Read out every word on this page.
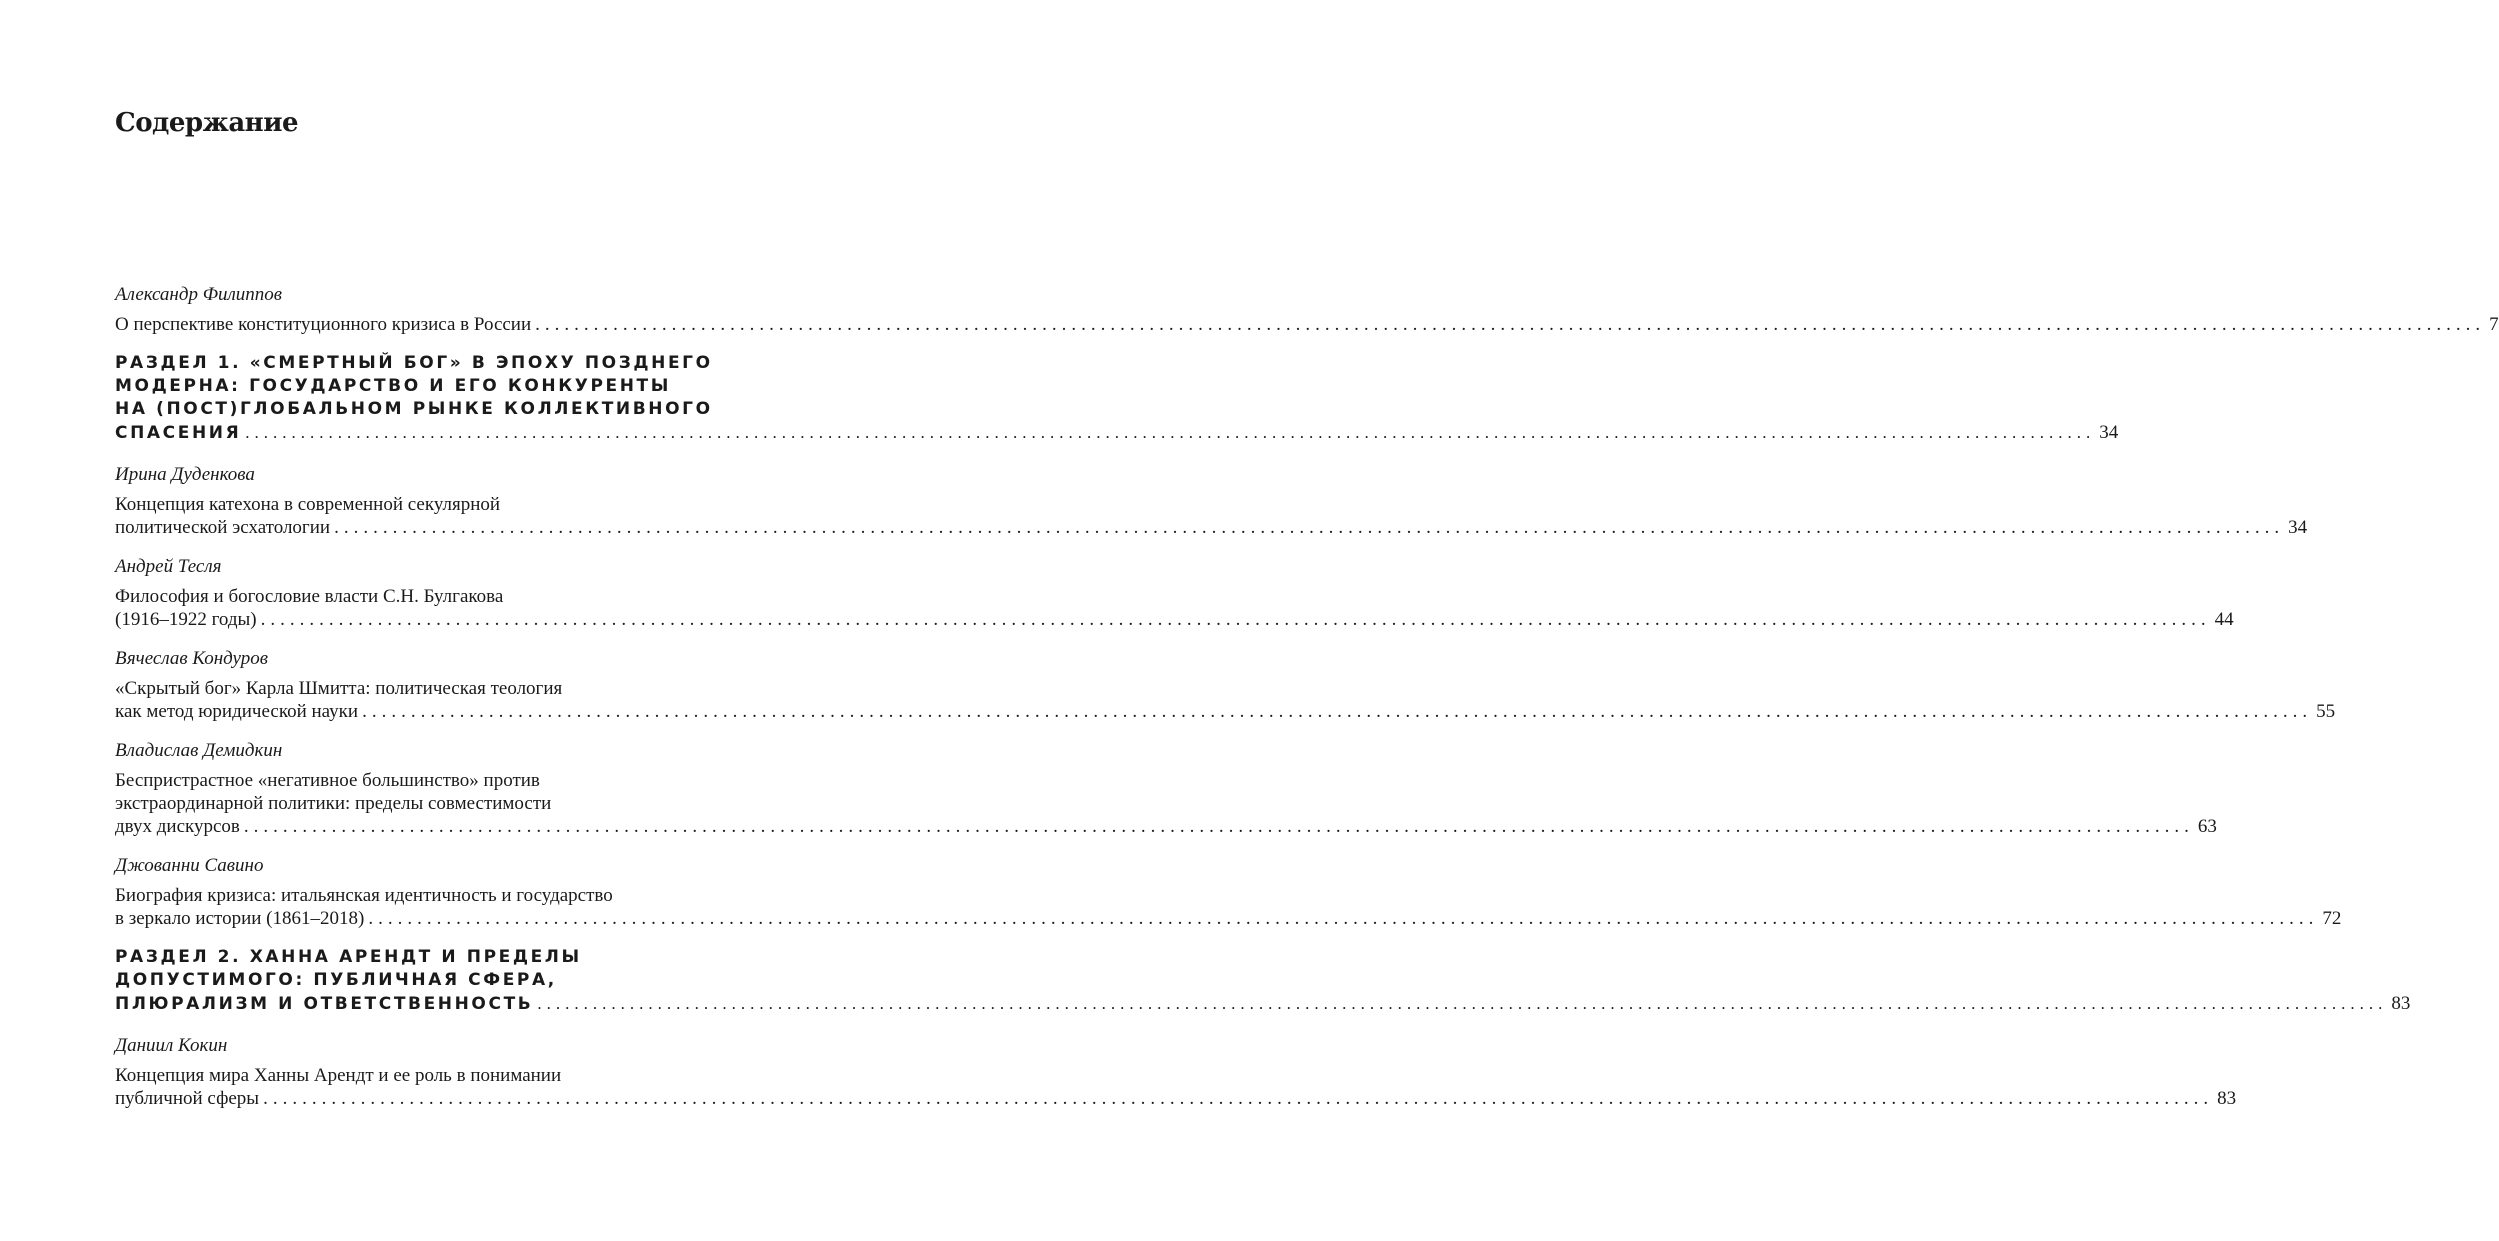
Содержание
Александр Филиппов
О перспективе конституционного кризиса в России ........................................................................................................................................................................................................ 7
РАЗДЕЛ 1. «СМЕРТНЫЙ БОГ» В ЭПОХУ ПОЗДНЕГО
МОДЕРНА: ГОСУДАРСТВО И ЕГО КОНКУРЕНТЫ
НА (ПОСТ)ГЛОБАЛЬНОМ РЫНКЕ КОЛЛЕКТИВНОГО
СПАСЕНИЯ ........................................................................................................................................................................................................ 34
Ирина Дуденкова
Концепция катехона в современной секулярной
политической эсхатологии ........................................................................................................................................................................................................ 34
Андрей Тесля
Философия и богословие власти С.Н. Булгакова
(1916–1922 годы) ........................................................................................................................................................................................................ 44
Вячеслав Кондуров
«Скрытый бог» Карла Шмитта: политическая теология
как метод юридической науки ........................................................................................................................................................................................................ 55
Владислав Демидкин
Беспристрастное «негативное большинство» против
экстраординарной политики: пределы совместимости
двух дискурсов ........................................................................................................................................................................................................ 63
Джованни Савино
Биография кризиса: итальянская идентичность и государство
в зеркало истории (1861–2018) ........................................................................................................................................................................................................ 72
РАЗДЕЛ 2. ХАННА АРЕНДТ И ПРЕДЕЛЫ
ДОПУСТИМОГО: ПУБЛИЧНАЯ СФЕРА,
ПЛЮРАЛИЗМ И ОТВЕТСТВЕННОСТЬ ........................................................................................................................................................................................................ 83
Даниил Кокин
Концепция мира Ханны Арендт и ее роль в понимании
публичной сферы ........................................................................................................................................................................................................ 83
